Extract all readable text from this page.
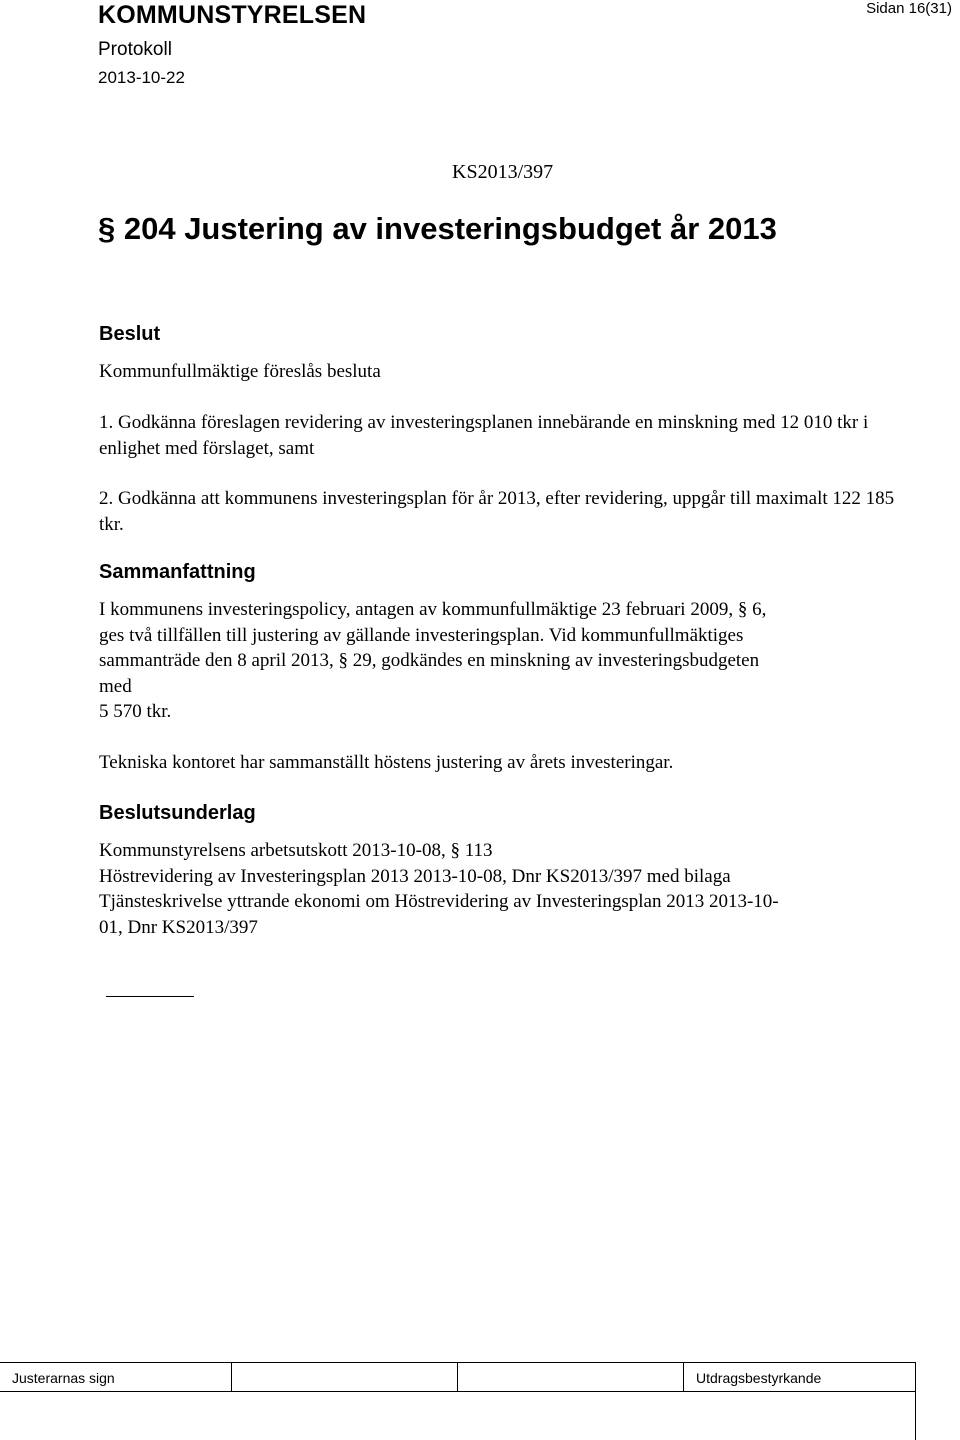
KOMMUNSTYRELSEN	Sidan 16(31)
Protokoll
2013-10-22
KS2013/397
§ 204 Justering av investeringsbudget år 2013
Beslut

Kommunfullmäktige föreslås besluta

1. Godkänna föreslagen revidering av investeringsplanen innebärande en minskning med 12 010 tkr i enlighet med förslaget, samt

2. Godkänna att kommunens investeringsplan för år 2013, efter revidering, uppgår till maximalt 122 185 tkr.

Sammanfattning
I kommunens investeringspolicy, antagen av kommunfullmäktige 23 februari 2009, § 6,
ges två tillfällen till justering av gällande investeringsplan. Vid kommunfullmäktiges
sammanträde den 8 april 2013, § 29, godkändes en minskning av investeringsbudgeten
med
5 570 tkr.

Tekniska kontoret har sammanställt höstens justering av årets investeringar.

Beslutsunderlag
Kommunstyrelsens arbetsutskott 2013-10-08, § 113
Höstrevidering av Investeringsplan 2013 2013-10-08, Dnr KS2013/397 med bilaga
Tjänsteskrivelse yttrande ekonomi om Höstrevidering av Investeringsplan 2013 2013-10-
01, Dnr KS2013/397
Justerarnas sign	Utdragsbestyrkande
